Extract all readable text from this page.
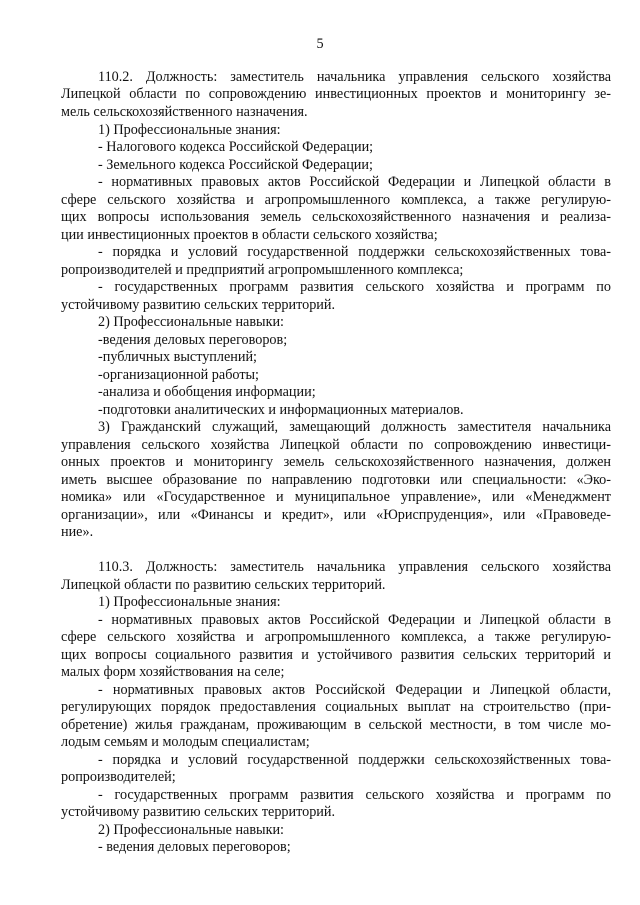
5
110.2. Должность: заместитель начальника управления сельского хозяйства
Липецкой области по сопровождению инвестиционных проектов и мониторингу зе-
мель сельскохозяйственного назначения.
1) Профессиональные знания:
- Налогового кодекса Российской Федерации;
- Земельного кодекса Российской Федерации;
- нормативных правовых актов Российской Федерации и Липецкой области в
сфере сельского хозяйства и агропромышленного комплекса, а также регулирую-
щих вопросы использования земель сельскохозяйственного назначения и реализа-
ции инвестиционных проектов в области сельского хозяйства;
- порядка и условий государственной поддержки сельскохозяйственных това-
ропроизводителей и предприятий агропромышленного комплекса;
- государственных программ развития сельского хозяйства и программ по
устойчивому развитию сельских территорий.
2) Профессиональные навыки:
-ведения деловых переговоров;
-публичных выступлений;
-организационной работы;
-анализа и обобщения информации;
-подготовки аналитических и информационных материалов.
3) Гражданский служащий, замещающий должность заместителя начальника
управления сельского хозяйства Липецкой области по сопровождению инвестици-
онных проектов и мониторингу земель сельскохозяйственного назначения, должен
иметь высшее образование по направлению подготовки или специальности: «Эко-
номика» или «Государственное и муниципальное управление», или «Менеджмент
организации», или «Финансы и кредит», или «Юриспруденция», или «Правоведе-
ние».
110.3. Должность: заместитель начальника управления сельского хозяйства
Липецкой области по развитию сельских территорий.
1) Профессиональные знания:
- нормативных правовых актов Российской Федерации и Липецкой области в
сфере сельского хозяйства и агропромышленного комплекса, а также регулирую-
щих вопросы социального развития и устойчивого развития сельских территорий и
малых форм хозяйствования на селе;
- нормативных правовых актов Российской Федерации и Липецкой области,
регулирующих порядок предоставления социальных выплат на строительство (при-
обретение) жилья гражданам, проживающим в сельской местности, в том числе мо-
лодым семьям и молодым специалистам;
- порядка и условий государственной поддержки сельскохозяйственных това-
ропроизводителей;
- государственных программ развития сельского хозяйства и программ по
устойчивому развитию сельских территорий.
2) Профессиональные навыки:
- ведения деловых переговоров;
